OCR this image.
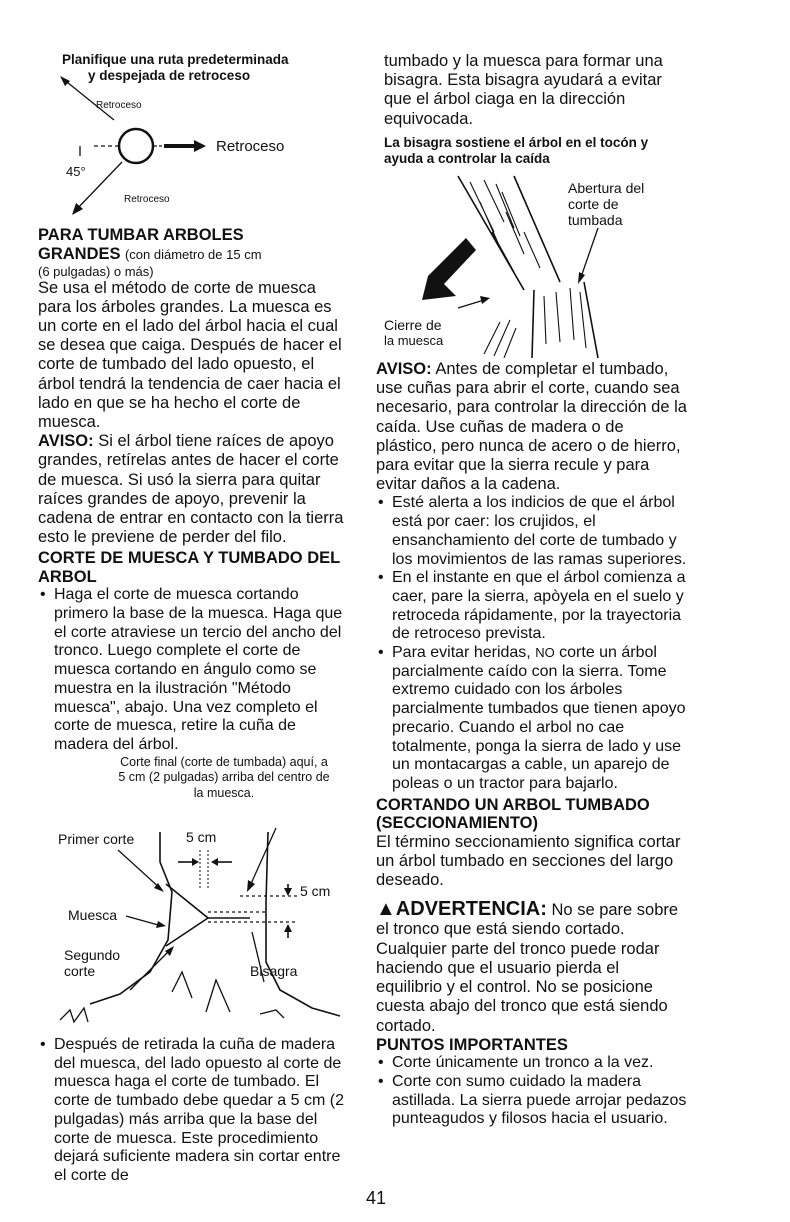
Planifique una ruta predeterminada
y despejada de retroceso
Retroceso
Retroceso
45°
Retroceso
PARA TUMBAR ARBOLES
GRANDES (con diámetro de 15 cm
(6 pulgadas) o más)

Se usa el método de corte de muesca para los árboles grandes. La muesca es un corte en el lado del árbol hacia el cual se desea que caiga. Después de hacer el corte de tumbado del lado opuesto, el árbol tendrá la tendencia de caer hacia el lado en que se ha hecho el corte de muesca.

AVISO: Si el árbol tiene raíces de apoyo grandes, retírelas antes de hacer el corte de muesca. Si usó la sierra para quitar raíces grandes de apoyo, prevenir la cadena de entrar en contacto con la tierra esto le previene de perder del filo.

CORTE DE MUESCA Y TUMBADO DEL ARBOL
• Haga el corte de muesca cortando primero la base de la muesca. Haga que el corte atraviese un tercio del ancho del tronco. Luego complete el corte de muesca cortando en ángulo como se muestra en la ilustración "Método muesca", abajo. Una vez completo el corte de muesca, retire la cuña de madera del árbol.
Corte final (corte de tumbada) aquí, a 5 cm (2 pulgadas) arriba del centro de la muesca.
Primer corte	5 cm
5 cm
Muesca
Segundo
corte	Bisagra
• Después de retirada la cuña de madera del muesca, del lado opuesto al corte de muesca haga el corte de tumbado. El corte de tumbado debe quedar a 5 cm (2 pulgadas) más arriba que la base del corte de muesca. Este procedimiento dejará suficiente madera sin cortar entre el corte de

tumbado y la muesca para formar una bisagra. Esta bisagra ayudará a evitar que el árbol ciaga en la dirección equivocada.

La bisagra sostiene el árbol en el tocón y ayuda a controlar la caída
Abertura del corte de tumbada
Cierre de
la muesca

AVISO: Antes de completar el tumbado, use cuñas para abrir el corte, cuando sea necesario, para controlar la dirección de la caída. Use cuñas de madera o de plástico, pero nunca de acero o de hierro, para evitar que la sierra recule y para evitar daños a la cadena.

• Esté alerta a los indicios de que el árbol está por caer: los crujidos, el ensanchamiento del corte de tumbado y los movimientos de las ramas superiores.
• En el instante en que el árbol comienza a caer, pare la sierra, apòyela en el suelo y retroceda rápidamente, por la trayectoria de retroceso prevista.
• Para evitar heridas, NO corte un árbol parcialmente caído con la sierra. Tome extremo cuidado con los árboles parcialmente tumbados que tienen apoyo precario. Cuando el arbol no cae totalmente, ponga la sierra de lado y use un montacargas a cable, un aparejo de poleas o un tractor para bajarlo.
CORTANDO UN ARBOL TUMBADO (SECCIONAMIENTO)

El término seccionamiento significa cortar un árbol tumbado en secciones del largo deseado.

▲ADVERTENCIA: No se pare sobre el tronco que está siendo cortado. Cualquier parte del tronco puede rodar haciendo que el usuario pierda el equilibrio y el control. No se posicione cuesta abajo del tronco que está siendo cortado.

PUNTOS IMPORTANTES
• Corte únicamente un tronco a la vez.
• Corte con sumo cuidado la madera astillada. La sierra puede arrojar pedazos punteagudos y filosos hacia el usuario.
41
